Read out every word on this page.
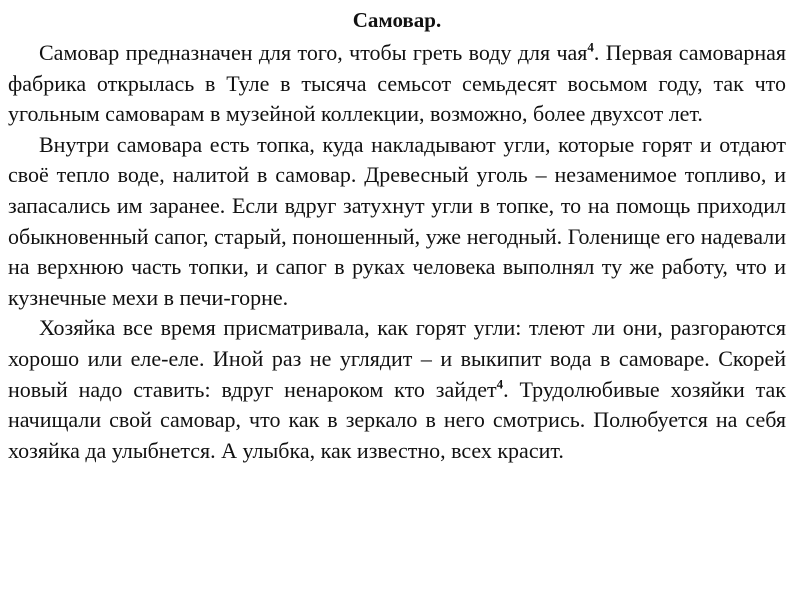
Самовар.

Самовар предназначен для того, чтобы греть воду для чая$^4$. Первая самоварная фабрика открылась в Туле в тысяча семьсот семьдесят восьмом году, так что угольным самоварам в музейной коллекции, возможно, более двухсот лет.

Внутри самовара есть топка, куда накладывают угли, которые горят и отдают своё тепло воде, налитой в самовар. Древесный уголь – незаменимое топливо, и запасались им заранее. Если вдруг затухнут угли в топке, то на помощь приходил обыкновенный сапог, старый, поношенный, уже негодный. Голенище его надевали на верхнюю часть топки, и сапог в руках человека выполнял ту же работу, что и кузнечные мехи в печи-горне.

Хозяйка все время присматривала, как горят угли: тлеют ли они, разгораются хорошо или еле-еле. Иной раз не углядит – и выкипит вода в самоваре. Скорей новый надо ставить: вдруг ненароком кто зайдет$^4$. Трудолюбивые хозяйки так начищали свой самовар, что как в зеркало в него смотрись. Полюбуется на себя хозяйка да улыбнется. А улыбка, как известно, всех красит.
